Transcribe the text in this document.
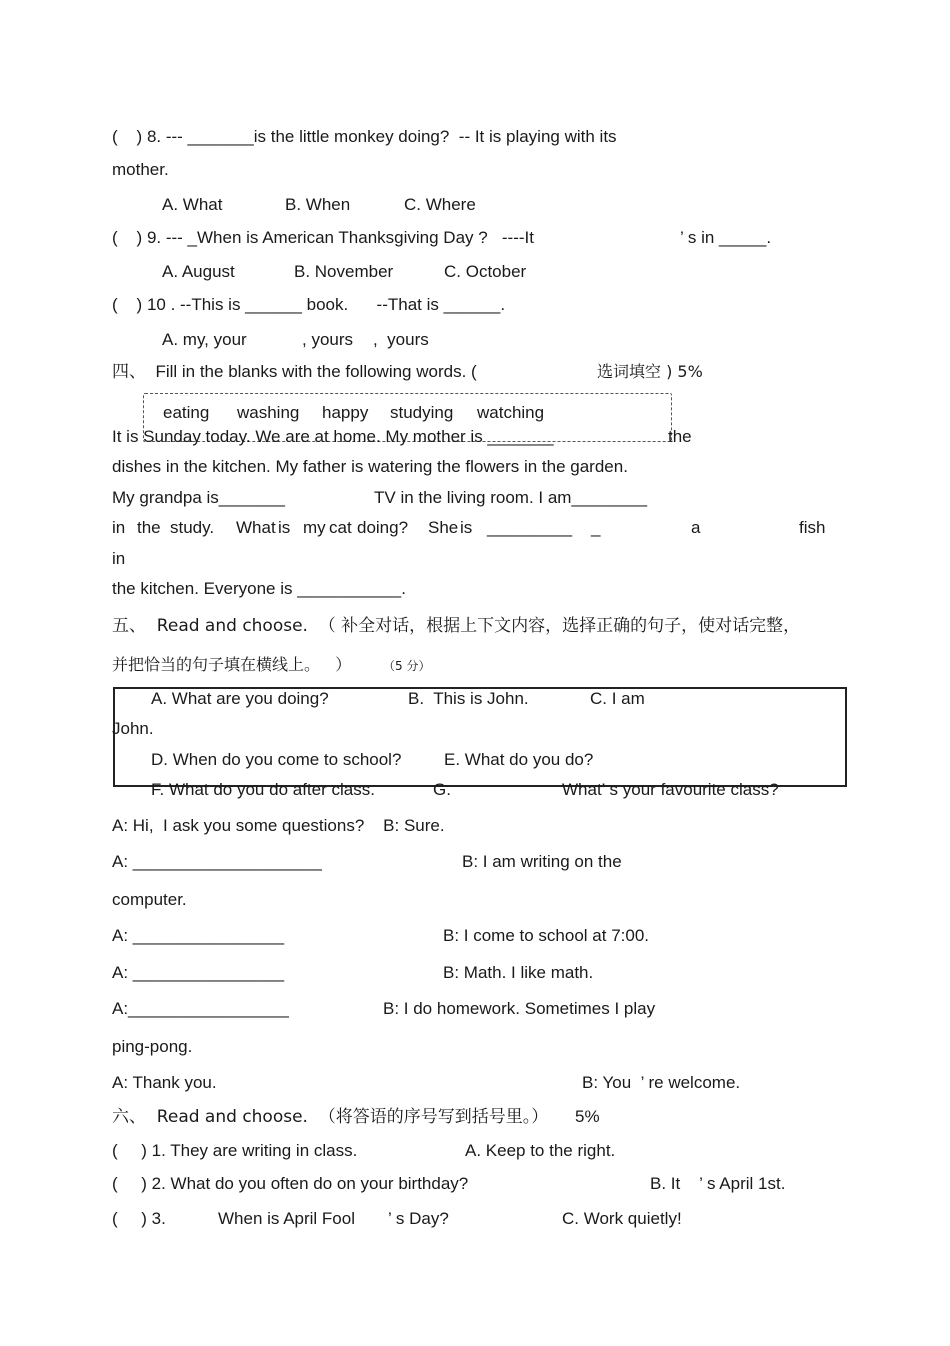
(    ) 8. --- _______is the little monkey doing?  -- It is playing with its
mother.
A. What	B. When	C. Where
(    ) 9. --- _When is American Thanksgiving Day ?   ----It	’ s in _____.
A. August	B. November	C. October
(    ) 10 . --This is ______ book.      --That is ______.
A. my, your	, yours ,  yours
四、  Fill in the blanks with the following words. (	选词填空 ) 5%
eating washing happy studying watching
It is Sunday today. We are at home. My mother is _______	the
dishes in the kitchen. My father is watering the flowers in the garden.
My grandpa is_______	TV in the living room. I am________
in the study. What is my cat doing? She is _________ _	a	fish
in
the kitchen. Everyone is ___________.
五、  Read and choose.  （ 补全对话，根据上下文内容，选择正确的句子，使对话完整，
并把恰当的句子填在横线上。   ）	（5 分）
A. What are you doing?	B.  This is John.	C. I am
John.
D. When do you come to school?	E. What do you do?
F. What do you do after class.	G.	What’ s your favourite class?
A: Hi,  I ask you some questions?    B: Sure.
A: ____________________	B: I am writing on the
computer.
A: ________________	B: I come to school at 7:00.
A: ________________	B: Math. I like math.
A:_________________	B: I do homework. Sometimes I play
ping-pong.
A: Thank you.	B: You  ’ re welcome.
六、  Read and choose.  （将答语的序号写到括号里。） 5%
(     ) 1. They are writing in class.	A. Keep to the right.
(     ) 2. What do you often do on your birthday?	B. It    ’ s April 1st.
(     ) 3.	When is April Fool ’ s Day?	C. Work quietly!
